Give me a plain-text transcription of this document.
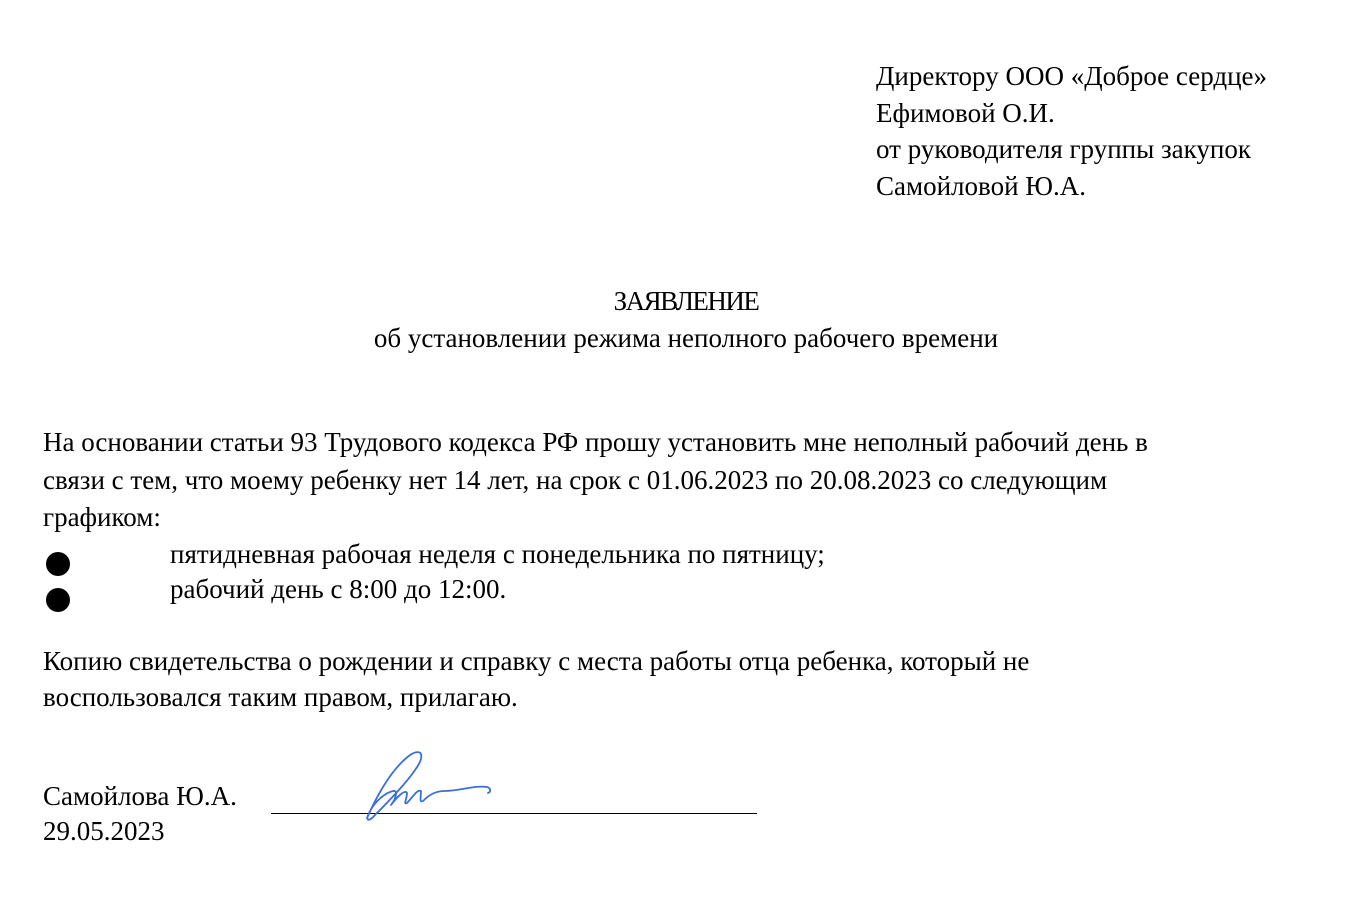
Директору ООО «Доброе сердце»
Ефимовой О.И.
от руководителя группы закупок
Самойловой Ю.А.
ЗАЯВЛЕНИЕ
об установлении режима неполного рабочего времени
На основании статьи 93 Трудового кодекса РФ прошу установить мне неполный рабочий день в
связи с тем, что моему ребенку нет 14 лет, на срок с 01.06.2023 по 20.08.2023 со следующим
графиком:
пятидневная рабочая неделя с понедельника по пятницу;
рабочий день с 8:00 до 12:00.
Копию свидетельства о рождении и справку с места работы отца ребенка, который не
воспользовался таким правом, прилагаю.
Самойлова Ю.А.
29.05.2023
